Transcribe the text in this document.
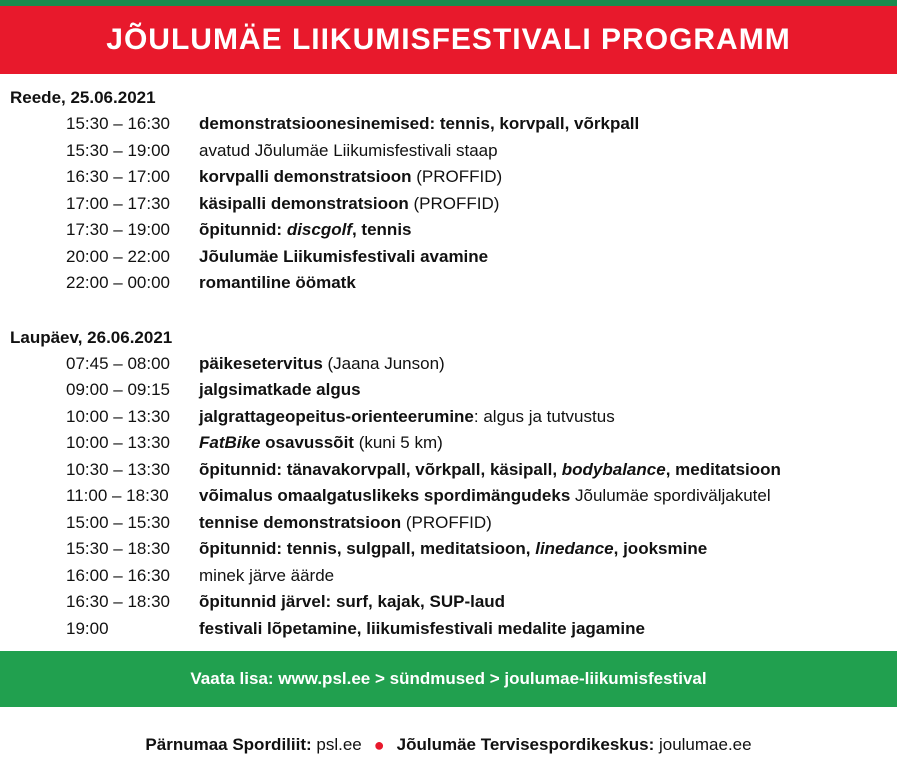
JÕULUMÄE LIIKUMISFESTIVALI PROGRAMM
Reede, 25.06.2021
15:30 – 16:30	demonstratsioonesinemised: tennis, korvpall, võrkpall
15:30 – 19:00	avatud Jõulumäe Liikumisfestivali staap
16:30 – 17:00	korvpalli demonstratsioon (PROFFID)
17:00 – 17:30	käsipalli demonstratsioon (PROFFID)
17:30 – 19:00	õpitunnid: discgolf, tennis
20:00 – 22:00	Jõulumäe Liikumisfestivali avamine
22:00 – 00:00	romantiline öömatk
Laupäev, 26.06.2021
07:45 – 08:00	päikesetervitus (Jaana Junson)
09:00 – 09:15	jalgsimatkade algus
10:00 – 13:30	jalgrattageopeitus-orienteerumine: algus ja tutvustus
10:00 – 13:30	FatBike osavussõit (kuni 5 km)
10:30 – 13:30	õpitunnid: tänavakorvpall, võrkpall, käsipall, bodybalance, meditatsioon
11:00 – 18:30	võimalus omaalgatuslikeks spordimängudeks Jõulumäe spordiväljakutel
15:00 – 15:30	tennise demonstratsioon (PROFFID)
15:30 – 18:30	õpitunnid: tennis, sulgpall, meditatsioon, linedance, jooksmine
16:00 – 16:30	minek järve äärde
16:30 – 18:30	õpitunnid järvel: surf, kajak, SUP-laud
19:00	festivali lõpetamine, liikumisfestivali medalite jagamine
Vaata lisa: www.psl.ee > sündmused > joulumae-liikumisfestival
Pärnumaa Spordiliit: psl.ee ● Jõulumäe Tervisespordikeskus: joulumae.ee
